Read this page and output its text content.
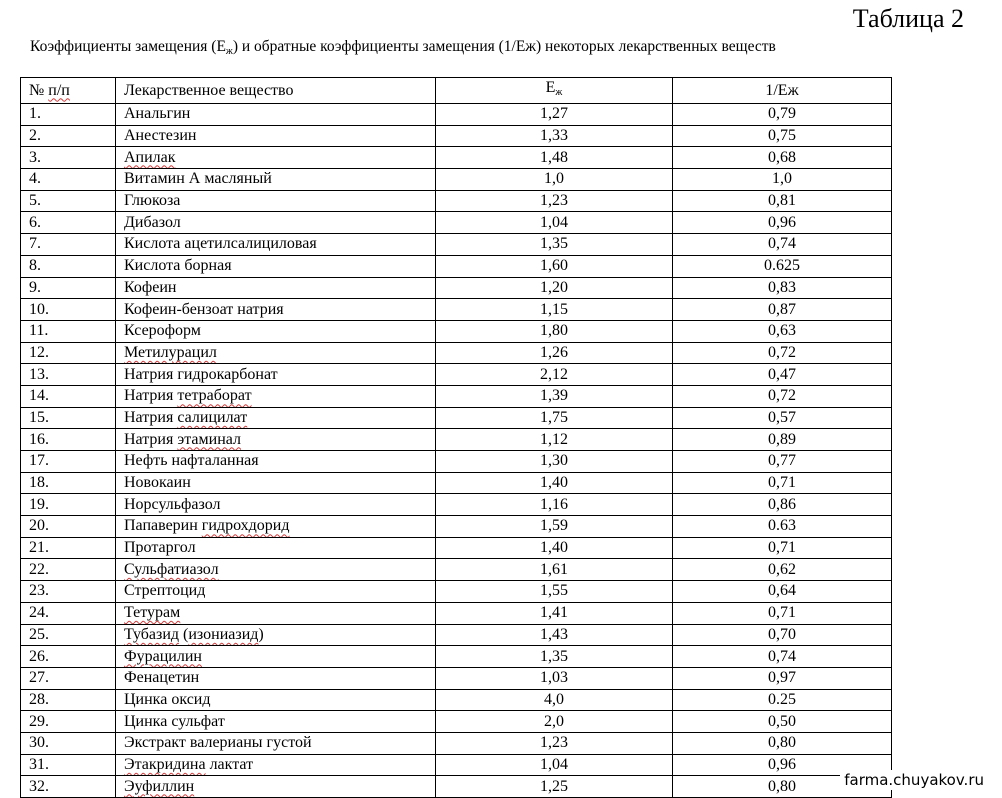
Таблица 2
Коэффициенты замещения $(Е_ж)$ и обратные коэффициенты замещения (1/Еж) некоторых лекарственных веществ
№ п/п	Лекарственное вещество	$Е_ж$	1/Еж
1.	Анальгин	1,27	0,79
2.	Анестезин	1,33	0,75
3.	Апилак	1,48	0,68
4.	Витамин А масляный	1,0	1,0
5.	Глюкоза	1,23	0,81
6.	Дибазол	1,04	0,96
7.	Кислота ацетилсалициловая	1,35	0,74
8.	Кислота борная	1,60	0.625
9.	Кофеин	1,20	0,83
10.	Кофеин-бензоат натрия	1,15	0,87
11.	Ксероформ	1,80	0,63
12.	Метилурацил	1,26	0,72
13.	Натрия гидрокарбонат	2,12	0,47
14.	Натрия тетраборат	1,39	0,72
15.	Натрия салицилат	1,75	0,57
16.	Натрия этаминал	1,12	0,89
17.	Нефть нафталанная	1,30	0,77
18.	Новокаин	1,40	0,71
19.	Норсульфазол	1,16	0,86
20.	Папаверин гидрохдорид	1,59	0.63
21.	Протаргол	1,40	0,71
22.	Сульфатиазол	1,61	0,62
23.	Стрептоцид	1,55	0,64
24.	Тетурам	1,41	0,71
25.	Тубазид (изониазид)	1,43	0,70
26.	Фурацилин	1,35	0,74
27.	Фенацетин	1,03	0,97
28.	Цинка оксид	4,0	0.25
29.	Цинка сульфат	2,0	0,50
30.	Экстракт валерианы густой	1,23	0,80
31.	Этакридина лактат	1,04	0,96
32.	Эуфиллин	1,25	0,80	farma.chuyakov.ru
